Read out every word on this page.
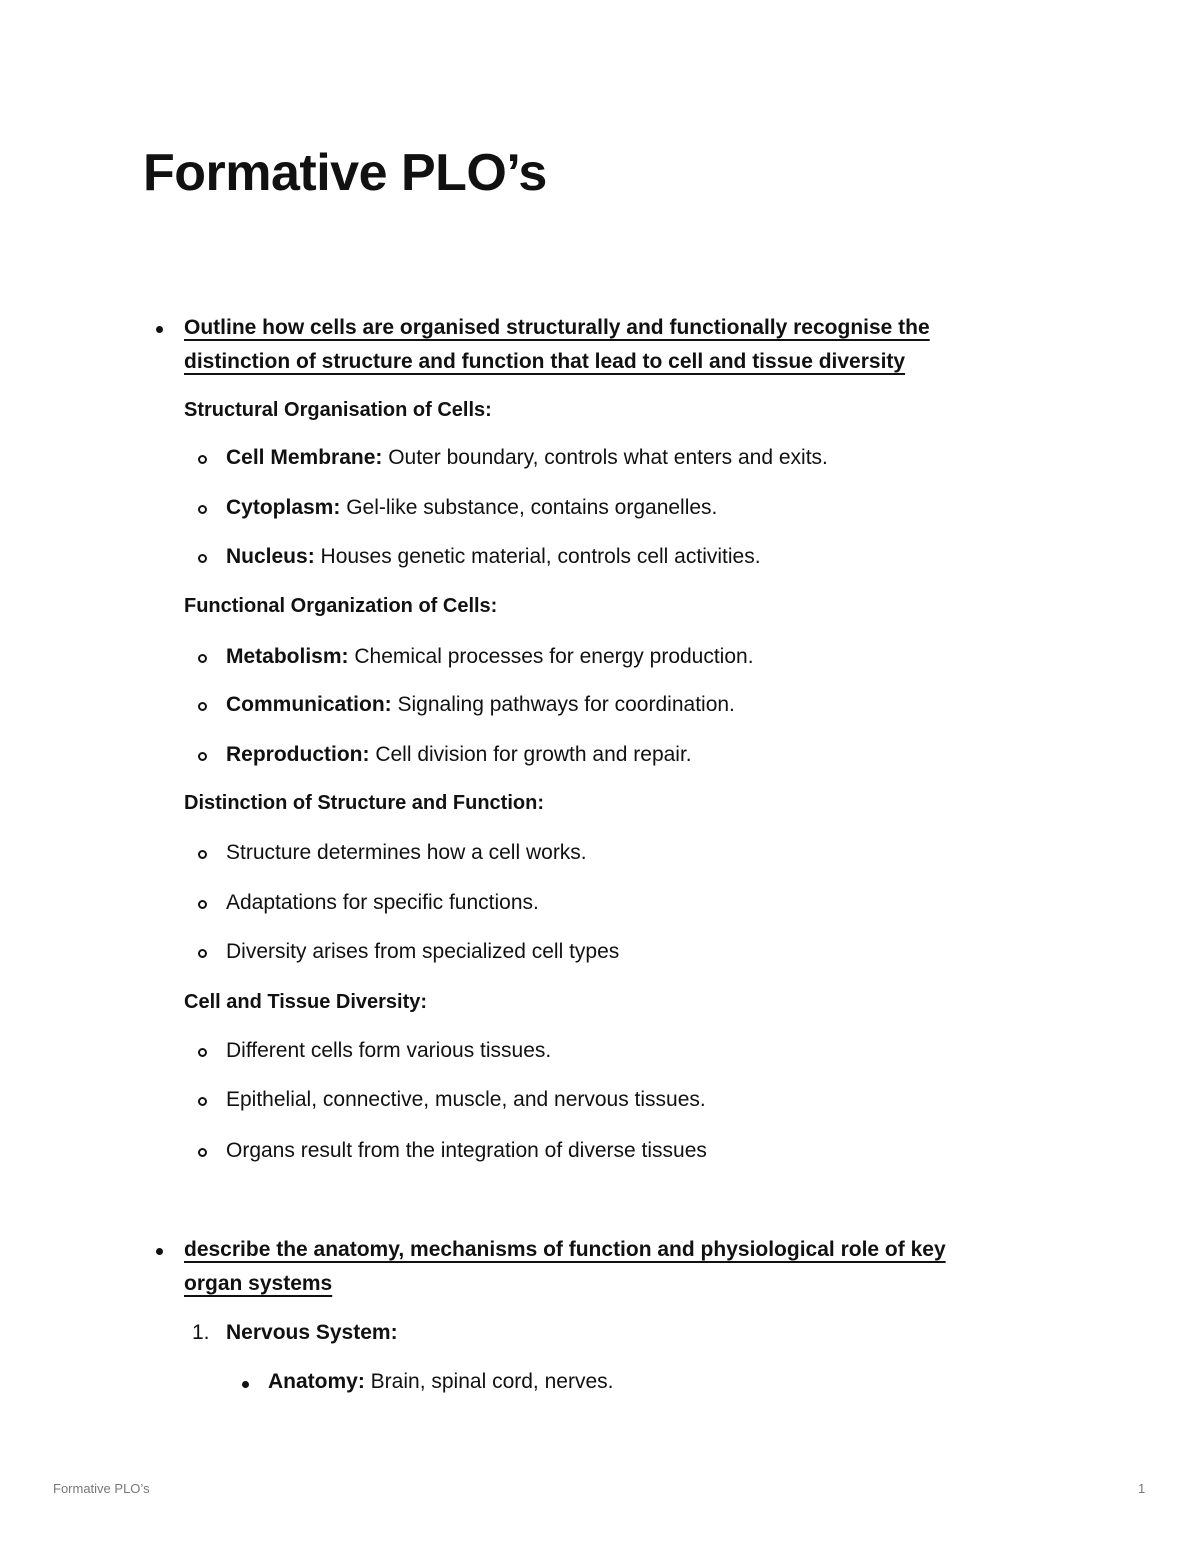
Formative PLO’s
Outline how cells are organised structurally and functionally recognise the
distinction of structure and function that lead to cell and tissue diversity

Structural Organisation of Cells:

Cell Membrane: Outer boundary, controls what enters and exits.
Cytoplasm: Gel-like substance, contains organelles.
Nucleus: Houses genetic material, controls cell activities.

Functional Organization of Cells:

Metabolism: Chemical processes for energy production.
Communication: Signaling pathways for coordination.
Reproduction: Cell division for growth and repair.

Distinction of Structure and Function:

Structure determines how a cell works.
Adaptations for specific functions.
Diversity arises from specialized cell types

Cell and Tissue Diversity:

Different cells form various tissues.
Epithelial, connective, muscle, and nervous tissues.
Organs result from the integration of diverse tissues
describe the anatomy, mechanisms of function and physiological role of key
organ systems
1. Nervous System:
Anatomy: Brain, spinal cord, nerves.
Formative PLO’s	1
